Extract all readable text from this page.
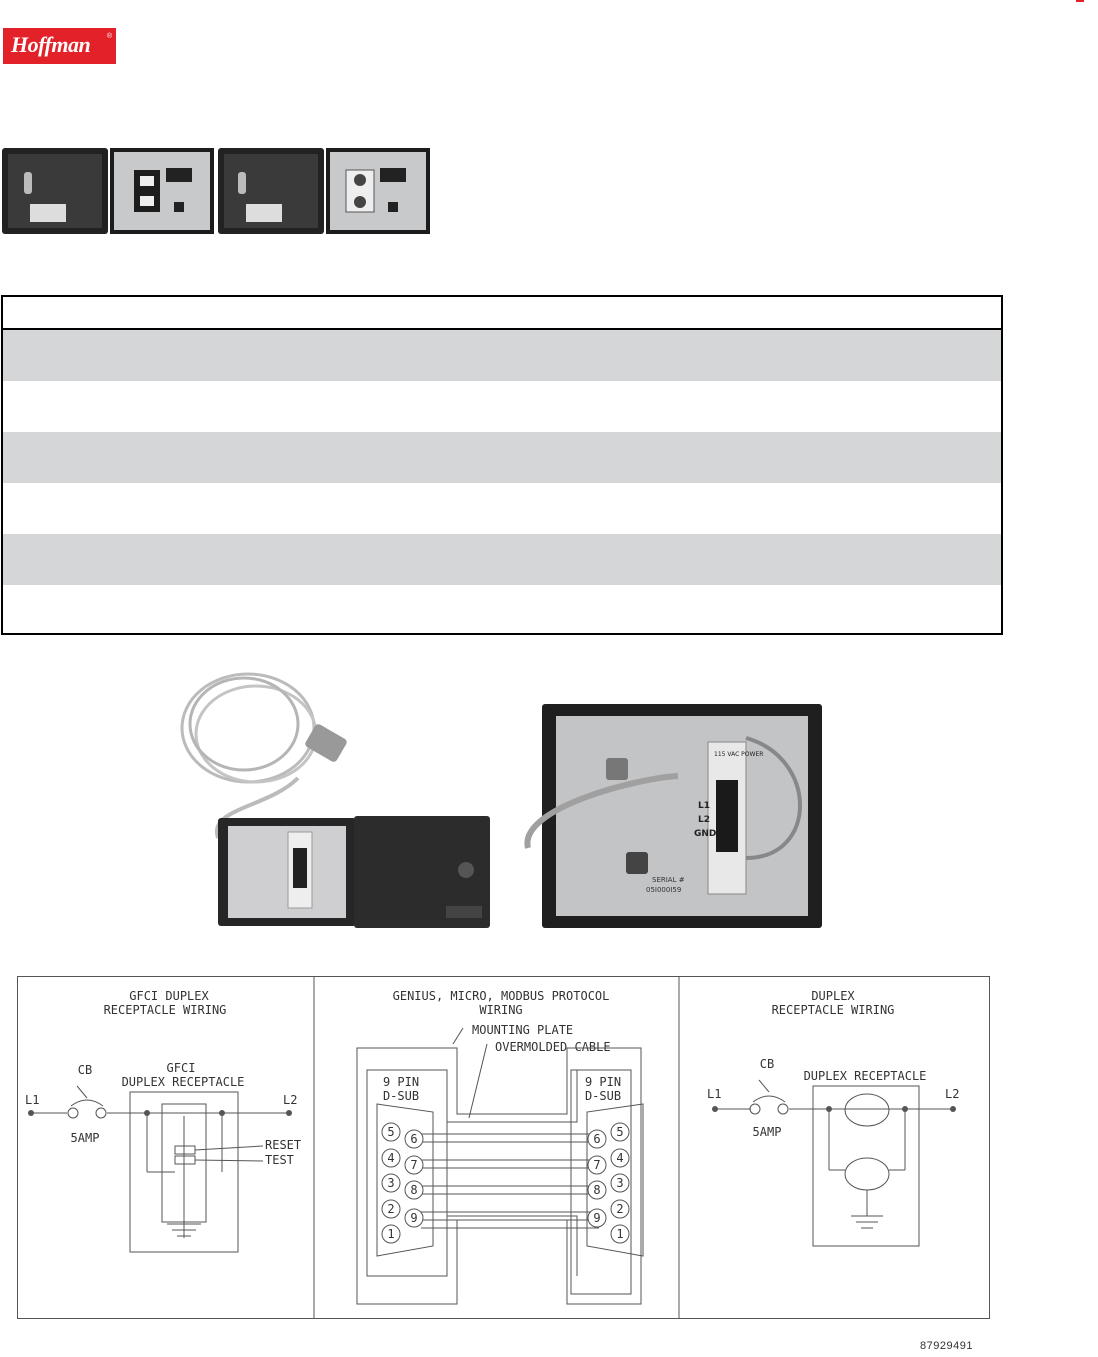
Hoffman ®
115 VAC POWER
L1
L2
GND
SERIAL #
05I000I59
GFCI DUPLEX
RECEPTACLE WIRING
CB	GFCI
DUPLEX RECEPTACLE
L1	L2
5AMP	RESET
TEST
GENIUS, MICRO, MODBUS PROTOCOL
WIRING
MOUNTING PLATE
OVERMOLDED CABLE
9 PIN
D-SUB
9 PIN
D-SUB
5 6
4 7
3 8
2
9
1
6 5
7 4
8 3
9
2
1
DUPLEX
RECEPTACLE WIRING
CB
DUPLEX RECEPTACLE
L1	L2
5AMP
87929491
